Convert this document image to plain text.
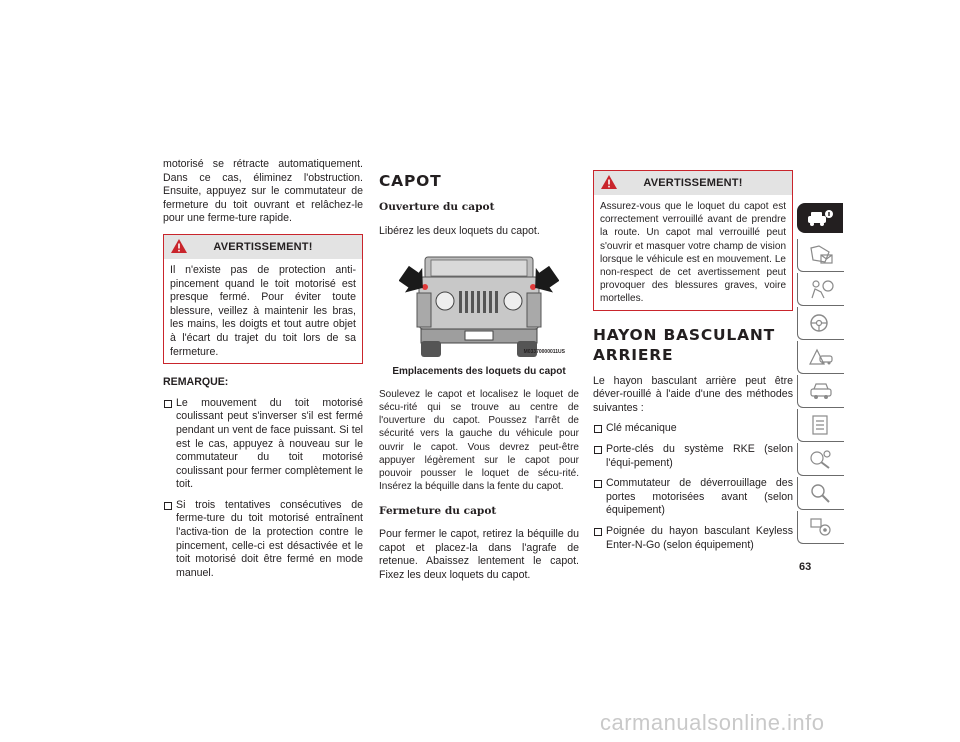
motorisé se rétracte automatiquement. Dans ce cas, éliminez l'obstruction. Ensuite, appuyez sur le commutateur de fermeture du toit ouvrant et relâchez-le pour une ferme-ture rapide.
AVERTISSEMENT!
Il n'existe pas de protection anti-pincement quand le toit motorisé est presque fermé. Pour éviter toute blessure, veillez à maintenir les bras, les mains, les doigts et tout autre objet à l'écart du trajet du toit lors de sa fermeture.
REMARQUE:
Le mouvement du toit motorisé coulissant peut s'inverser s'il est fermé pendant un vent de face puissant. Si tel est le cas, appuyez à nouveau sur le commutateur du toit motorisé coulissant pour fermer complètement le toit.
Si trois tentatives consécutives de ferme-ture du toit motorisé entraînent l'activa-tion de la protection contre le pincement, celle-ci est désactivée et le toit motorisé doit être fermé en mode manuel.
CAPOT
Ouverture du capot
Libérez les deux loquets du capot.
M03370000011US
Emplacements des loquets du capot
Soulevez le capot et localisez le loquet de sécu-rité qui se trouve au centre de l'ouverture du capot. Poussez l'arrêt de sécurité vers la gauche du véhicule pour ouvrir le capot. Vous devrez peut-être appuyer légèrement sur le capot pour pouvoir pousser le loquet de sécu-rité. Insérez la béquille dans la fente du capot.
Fermeture du capot
Pour fermer le capot, retirez la béquille du capot et placez-la dans l'agrafe de retenue. Abaissez lentement le capot. Fixez les deux loquets du capot.
AVERTISSEMENT!
Assurez-vous que le loquet du capot est correctement verrouillé avant de prendre la route. Un capot mal verrouillé peut s'ouvrir et masquer votre champ de vision lorsque le véhicule est en mouvement. Le non-respect de cet avertissement peut provoquer des blessures graves, voire mortelles.
HAYON BASCULANT
ARRIERE
Le hayon basculant arrière peut être déver-rouillé à l'aide d'une des méthodes suivantes :
Clé mécanique
Porte-clés du système RKE (selon l'équi-pement)
Commutateur de déverrouillage des portes motorisées avant (selon équipement)
Poignée du hayon basculant Keyless Enter-N-Go (selon équipement)
63
carmanualsonline.info
